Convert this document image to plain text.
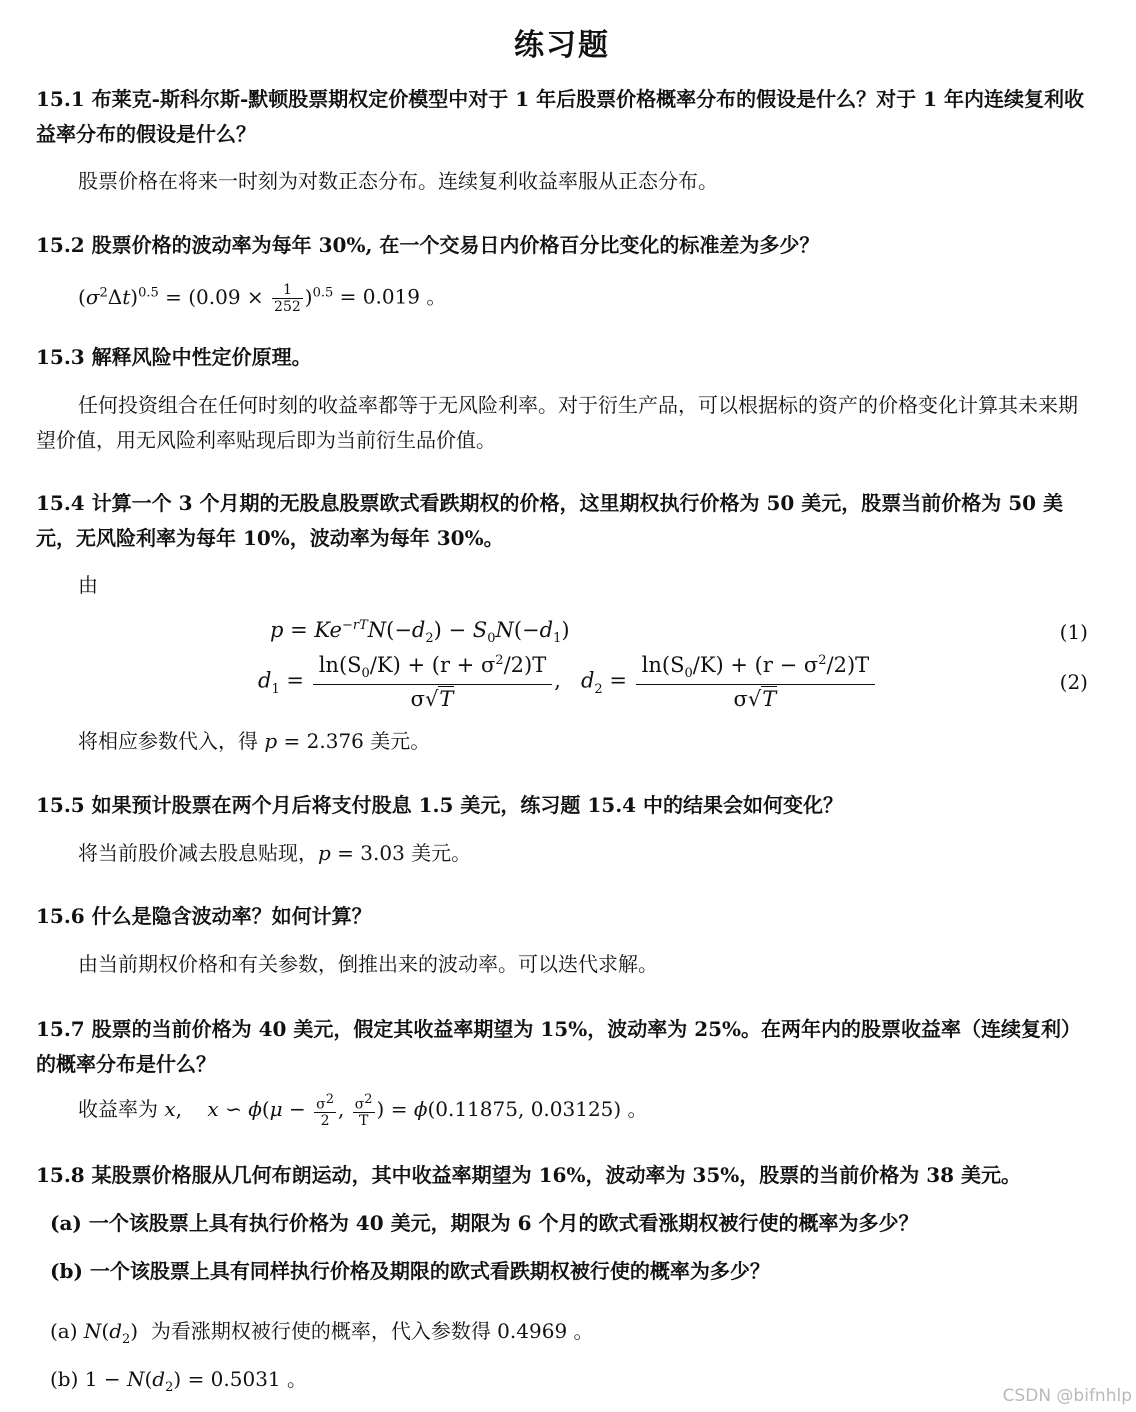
练习题
15.1 布莱克-斯科尔斯-默顿股票期权定价模型中对于 1 年后股票价格概率分布的假设是什么？对于 1 年内连续复利收益率分布的假设是什么？
股票价格在将来一时刻为对数正态分布。连续复利收益率服从正态分布。
15.2 股票价格的波动率为每年 30%, 在一个交易日内价格百分比变化的标准差为多少？
$(\sigma^2\Delta t)^{0.5} = (0.09 \times \frac{1}{252} )^{0.5} = 0.019$ 。
15.3 解释风险中性定价原理。
任何投资组合在任何时刻的收益率都等于无风险利率。对于衍生产品，可以根据标的资产的价格变化计算其未来期望价值，用无风险利率贴现后即为当前衍生品价值。
15.4 计算一个 3 个月期的无股息股票欧式看跌期权的价格，这里期权执行价格为 50 美元，股票当前价格为 50 美元，无风险利率为每年 10%，波动率为每年 30%。
由
$p = Ke^{-rT}N(-d_2) - S_0N(-d_1)$	(1)
$d_1 = \frac{\ln(S_0/K) + (r + \sigma^2/2)T}{\sigma√T}$ ,   $d_2 = \frac{\ln(S_0/K) + (r - \sigma^2/2)T}{\sigma√T}$	(2)
将相应参数代入，得 p = 2.376 美元。
15.5 如果预计股票在两个月后将支付股息 1.5 美元，练习题 15.4 中的结果会如何变化？
将当前股价减去股息贴现，p = 3.03 美元。
15.6 什么是隐含波动率？如何计算？
由当前期权价格和有关参数，倒推出来的波动率。可以迭代求解。
15.7 股票的当前价格为 40 美元，假定其收益率期望为 15%，波动率为 25%。在两年内的股票收益率（连续复利）的概率分布是什么？
收益率为 x,    x ∽ $\phi(\mu - \frac{\sigma^2}{2}$ , $\frac{\sigma^2}{T}$ ) = ϕ(0.11875, 0.03125) 。
15.8 某股票价格服从几何布朗运动，其中收益率期望为 16%，波动率为 35%，股票的当前价格为 38 美元。
(a) 一个该股票上具有执行价格为 40 美元，期限为 6 个月的欧式看涨期权被行使的概率为多少？
(b) 一个该股票上具有同样执行价格及期限的欧式看跌期权被行使的概率为多少？
(a) $N(d_2)$ 为看涨期权被行使的概率，代入参数得 0.4969 。
(b) $1 - N(d_2) = 0.5031$ 。
CSDN @bifnhlp
